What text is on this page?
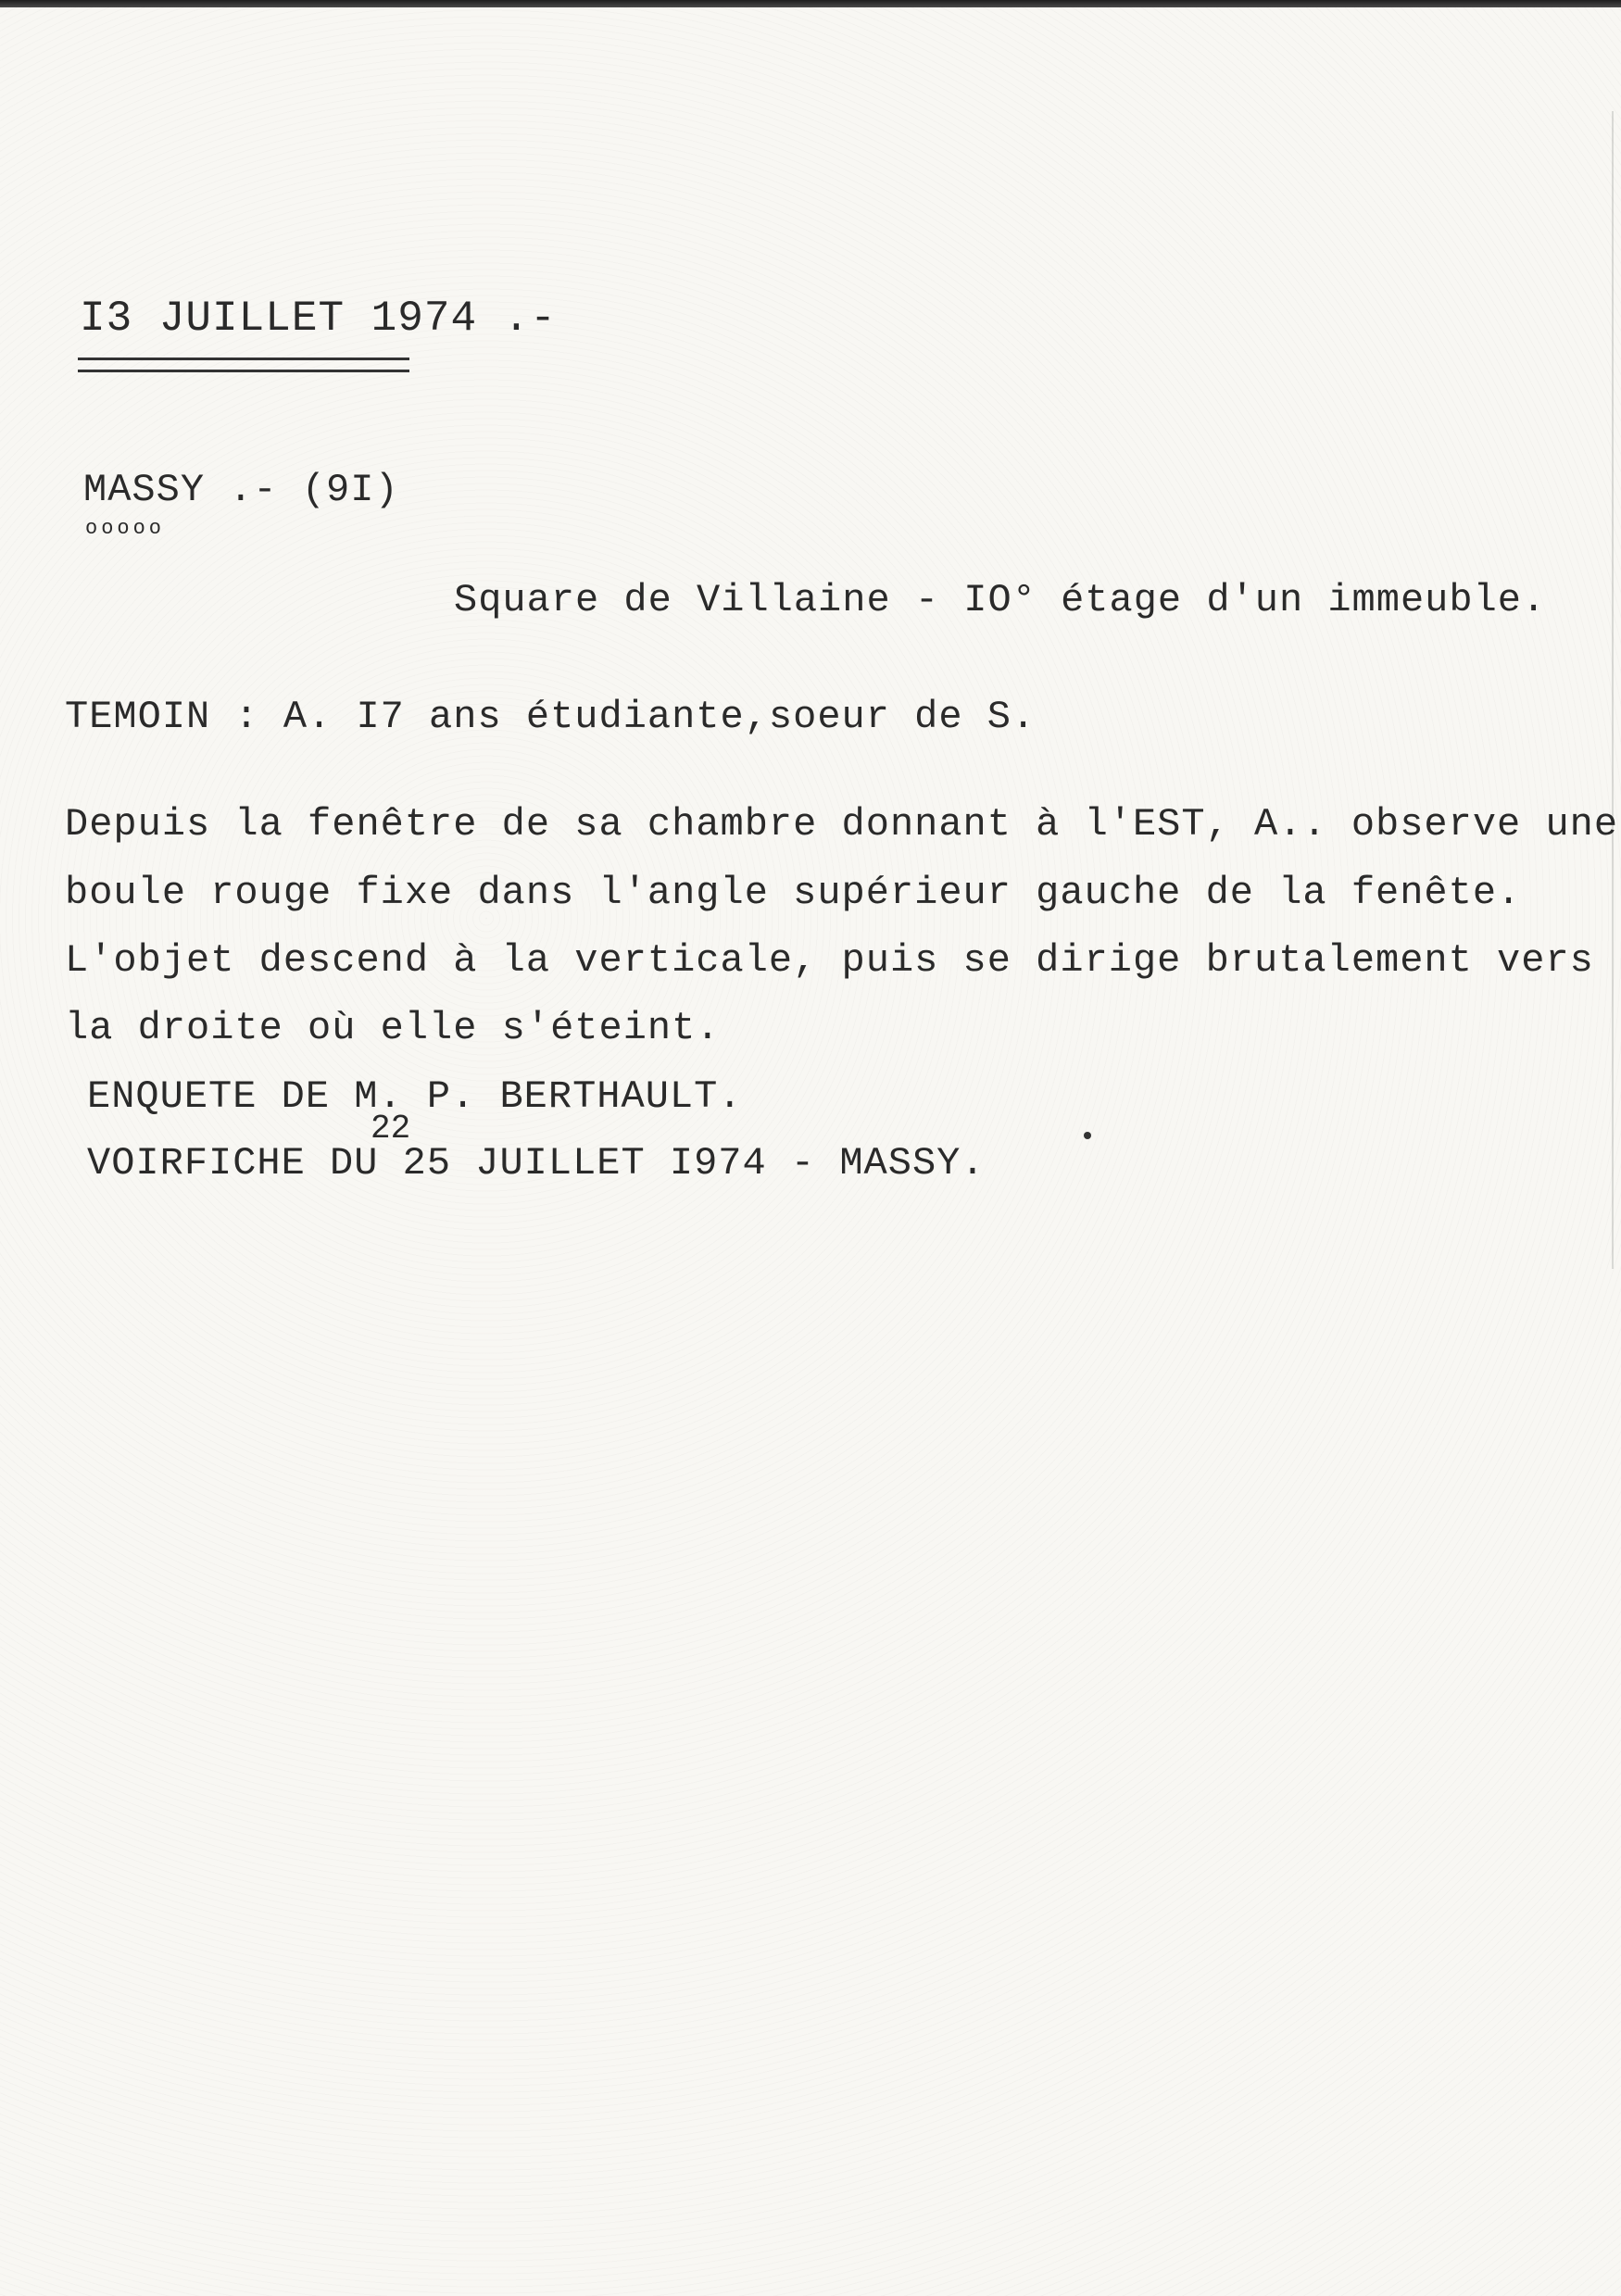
I3 JUILLET 1974 .-
MASSY .- (9I)
ooooo
Square de Villaine - IO° étage d'un immeuble.
TEMOIN : A. I7 ans étudiante,soeur de S.
Depuis la fenêtre de sa chambre donnant à l'EST, A.. observe une
boule rouge fixe dans l'angle supérieur gauche de la fenête.
L'objet descend à la verticale, puis se dirige brutalement vers
la droite où elle s'éteint.
ENQUETE DE M. P. BERTHAULT.
22
VOIRFICHE DU 25 JUILLET I974 - MASSY.
